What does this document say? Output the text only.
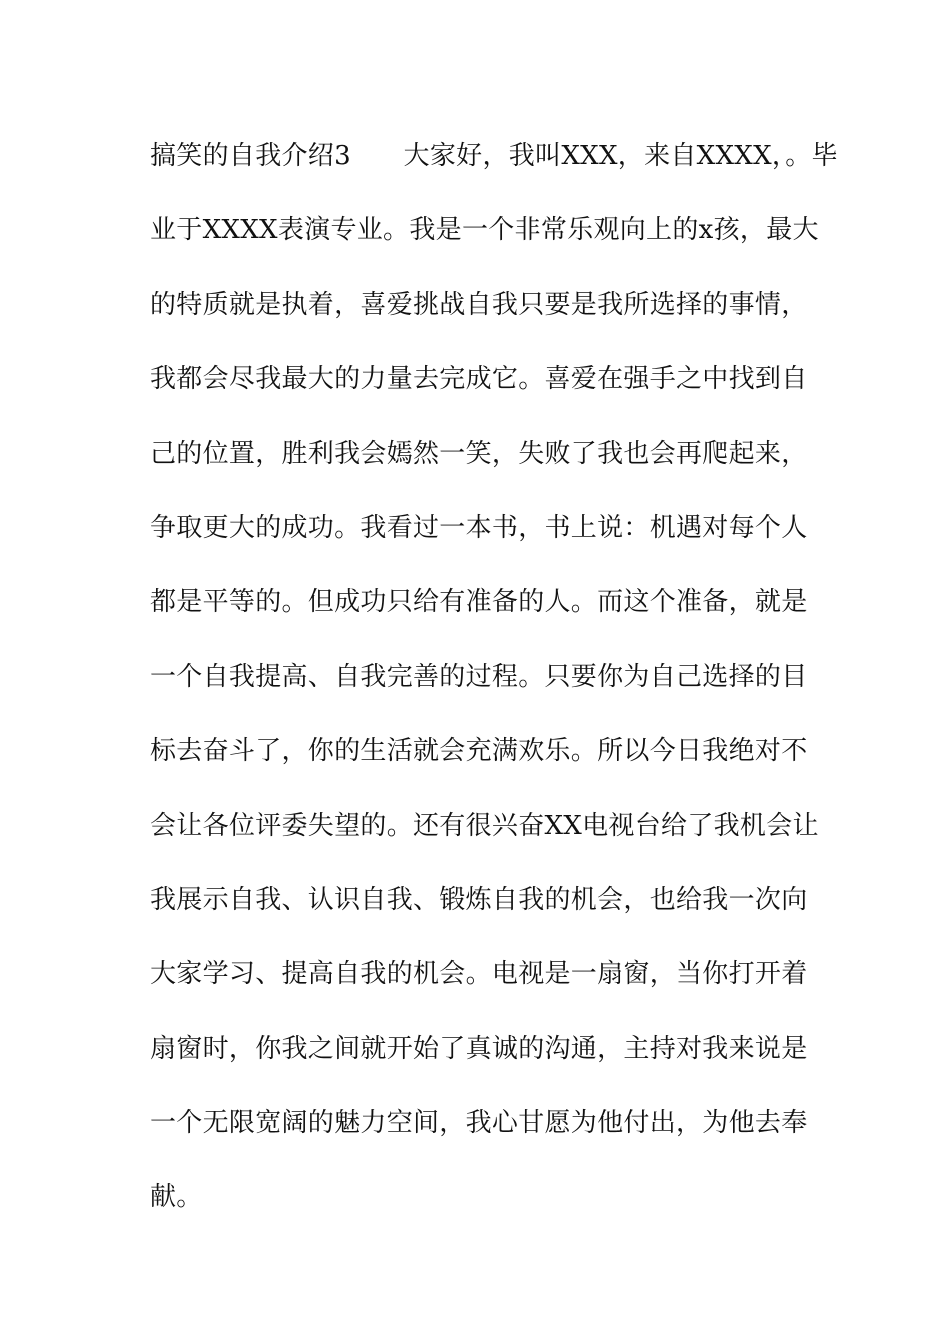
搞笑的自我介绍3　　大家好，我叫XXX，来自XXXX，。毕
业于XXXX表演专业。我是一个非常乐观向上的x孩，最大
的特质就是执着，喜爱挑战自我只要是我所选择的事情，
我都会尽我最大的力量去完成它。喜爱在强手之中找到自
己的位置，胜利我会嫣然一笑，失败了我也会再爬起来，
争取更大的成功。我看过一本书，书上说：机遇对每个人
都是平等的。但成功只给有准备的人。而这个准备，就是
一个自我提高、自我完善的过程。只要你为自己选择的目
标去奋斗了，你的生活就会充满欢乐。所以今日我绝对不
会让各位评委失望的。还有很兴奋XX电视台给了我机会让
我展示自我、认识自我、锻炼自我的机会，也给我一次向
大家学习、提高自我的机会。电视是一扇窗，当你打开着
扇窗时，你我之间就开始了真诚的沟通，主持对我来说是
一个无限宽阔的魅力空间，我心甘愿为他付出，为他去奉
献。
